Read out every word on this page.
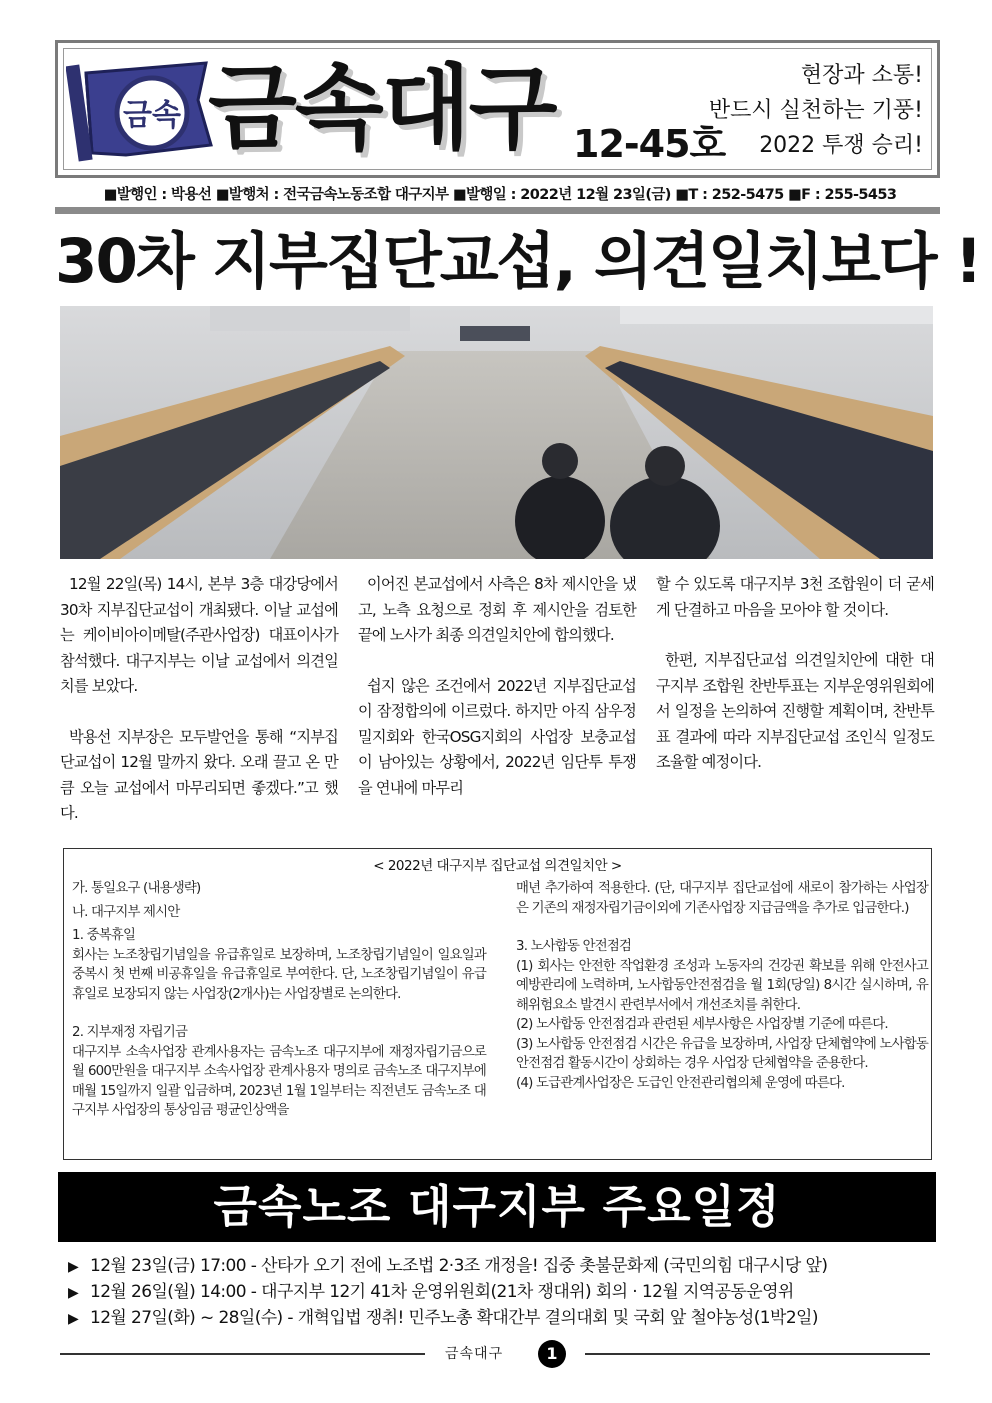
금속 금속대구 12-45호
현장과 소통!
반드시 실천하는 기풍!
2022 투쟁 승리!
■발행인 : 박용선 ■발행처 : 전국금속노동조합 대구지부 ■발행일 : 2022년 12월 23일(금) ■T : 252-5475 ■F : 255-5453
30차 지부집단교섭, 의견일치보다 !

12월 22일(목) 14시, 본부 3층 대강당에서 30차 지부집단교섭이 개최됐다. 이날 교섭에는 케이비아이메탈(주관사업장) 대표이사가 참석했다. 대구지부는 이날 교섭에서 의견일치를 보았다.

박용선 지부장은 모두발언을 통해 “지부집단교섭이 12월 말까지 왔다. 오래 끌고 온 만큼 오늘 교섭에서 마무리되면 좋겠다.”고 했다.

이어진 본교섭에서 사측은 8차 제시안을 냈고, 노측 요청으로 정회 후 제시안을 검토한 끝에 노사가 최종 의견일치안에 합의했다.

쉽지 않은 조건에서 2022년 지부집단교섭이 잠정합의에 이르렀다. 하지만 아직 삼우정밀지회와 한국OSG지회의 사업장 보충교섭이 남아있는 상황에서, 2022년 임단투 투쟁을 연내에 마무리

할 수 있도록 대구지부 3천 조합원이 더 굳세게 단결하고 마음을 모아야 할 것이다.

한편, 지부집단교섭 의견일치안에 대한 대구지부 조합원 찬반투표는 지부운영위원회에서 일정을 논의하여 진행할 계획이며, 찬반투표 결과에 따라 지부집단교섭 조인식 일정도 조율할 예정이다.

< 2022년 대구지부 집단교섭 의견일치안 >
가. 통일요구 (내용생략)
나. 대구지부 제시안
1. 중복휴일
회사는 노조창립기념일을 유급휴일로 보장하며, 노조창립기념일이 일요일과 중복시 첫 번째 비공휴일을 유급휴일로 부여한다. 단, 노조창립기념일이 유급휴일로 보장되지 않는 사업장(2개사)는 사업장별로 논의한다.
2. 지부재정 자립기금
대구지부 소속사업장 관계사용자는 금속노조 대구지부에 재정자립기금으로 월 600만원을 대구지부 소속사업장 관계사용자 명의로 금속노조 대구지부에 매월 15일까지 일괄 입금하며, 2023년 1월 1일부터는 직전년도 금속노조 대구지부 사업장의 통상임금 평균인상액을
매년 추가하여 적용한다. (단, 대구지부 집단교섭에 새로이 참가하는 사업장은 기존의 재정자립기금이외에 기존사업장 지급금액을 추가로 입금한다.)
3. 노사합동 안전점검
(1) 회사는 안전한 작업환경 조성과 노동자의 건강권 확보를 위해 안전사고 예방관리에 노력하며, 노사합동안전점검을 월 1회(당일) 8시간 실시하며, 유해위험요소 발견시 관련부서에서 개선조치를 취한다.
(2) 노사합동 안전점검과 관련된 세부사항은 사업장별 기준에 따른다.
(3) 노사합동 안전점검 시간은 유급을 보장하며, 사업장 단체협약에 노사합동 안전점검 활동시간이 상회하는 경우 사업장 단체협약을 준용한다.
(4) 도급관계사업장은 도급인 안전관리협의체 운영에 따른다.
금속노조 대구지부 주요일정
▶ 12월 23일(금) 17:00 - 산타가 오기 전에 노조법 2·3조 개정을! 집중 촛불문화제 (국민의힘 대구시당 앞)
▶ 12월 26일(월) 14:00 - 대구지부 12기 41차 운영위원회(21차 쟁대위) 회의 · 12월 지역공동운영위
▶ 12월 27일(화) ~ 28일(수) - 개혁입법 쟁취! 민주노총 확대간부 결의대회 및 국회 앞 철야농성(1박2일)
금속대구	1
